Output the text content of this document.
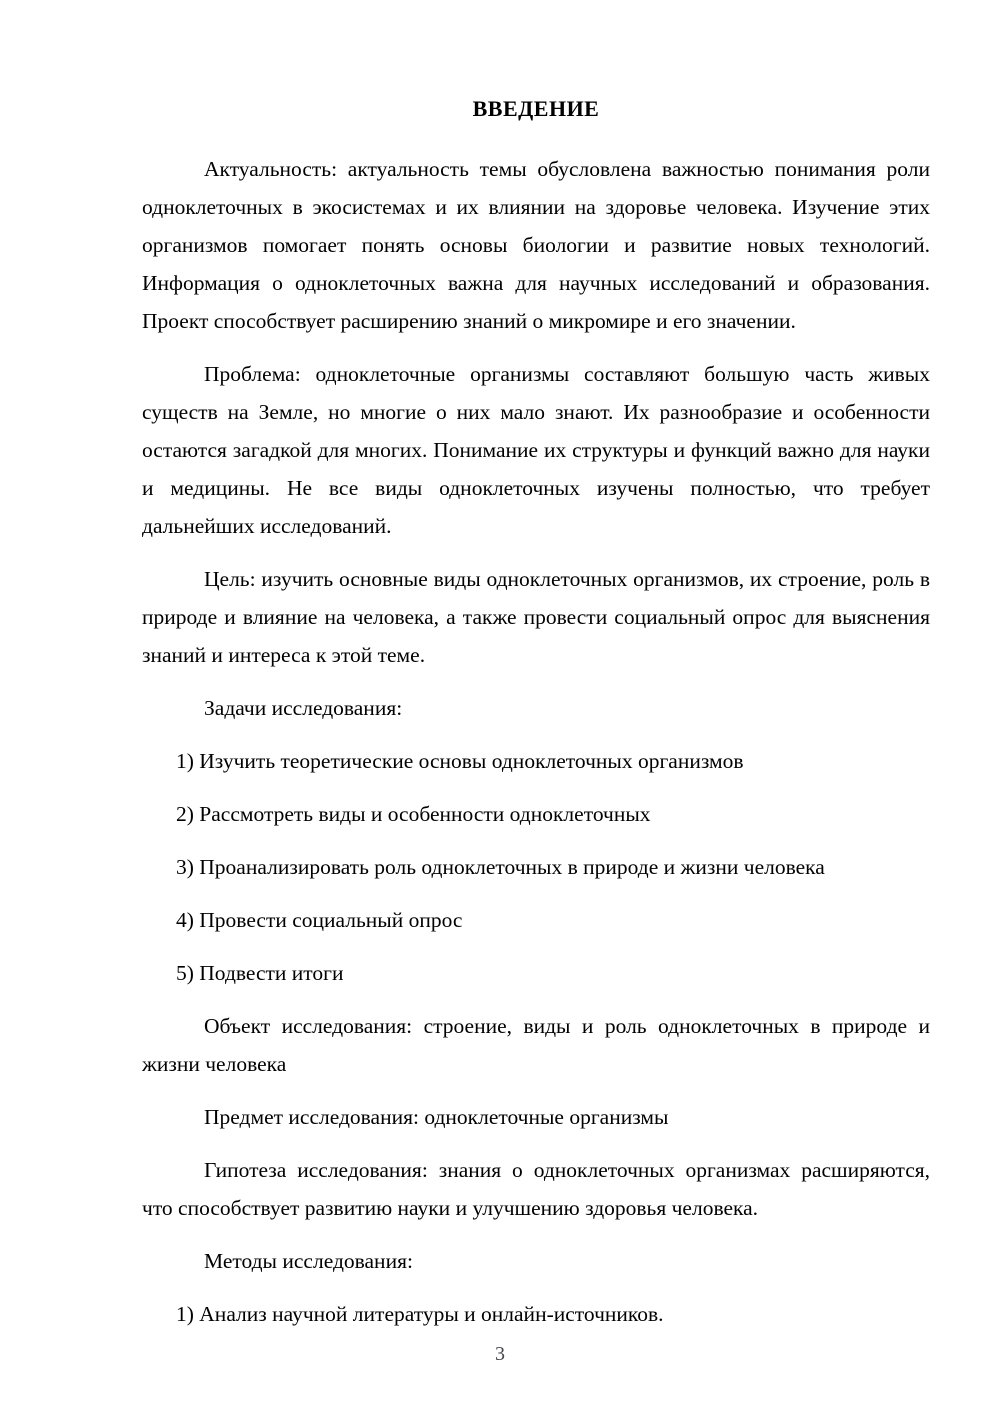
ВВЕДЕНИЕ

Актуальность: актуальность темы обусловлена важностью понимания роли одноклеточных в экосистемах и их влиянии на здоровье человека. Изучение этих организмов помогает понять основы биологии и развитие новых технологий. Информация о одноклеточных важна для научных исследований и образования. Проект способствует расширению знаний о микромире и его значении.

Проблема: одноклеточные организмы составляют большую часть живых существ на Земле, но многие о них мало знают. Их разнообразие и особенности остаются загадкой для многих. Понимание их структуры и функций важно для науки и медицины. Не все виды одноклеточных изучены полностью, что требует дальнейших исследований.

Цель: изучить основные виды одноклеточных организмов, их строение, роль в природе и влияние на человека, а также провести социальный опрос для выяснения знаний и интереса к этой теме.

Задачи исследования:

1) Изучить теоретические основы одноклеточных организмов

2) Рассмотреть виды и особенности одноклеточных

3) Проанализировать роль одноклеточных в природе и жизни человека

4) Провести социальный опрос

5) Подвести итоги

Объект исследования: строение, виды и роль одноклеточных в природе и жизни человека

Предмет исследования: одноклеточные организмы

Гипотеза исследования: знания о одноклеточных организмах расширяются, что способствует развитию науки и улучшению здоровья человека.

Методы исследования:

1) Анализ научной литературы и онлайн-источников.

3
